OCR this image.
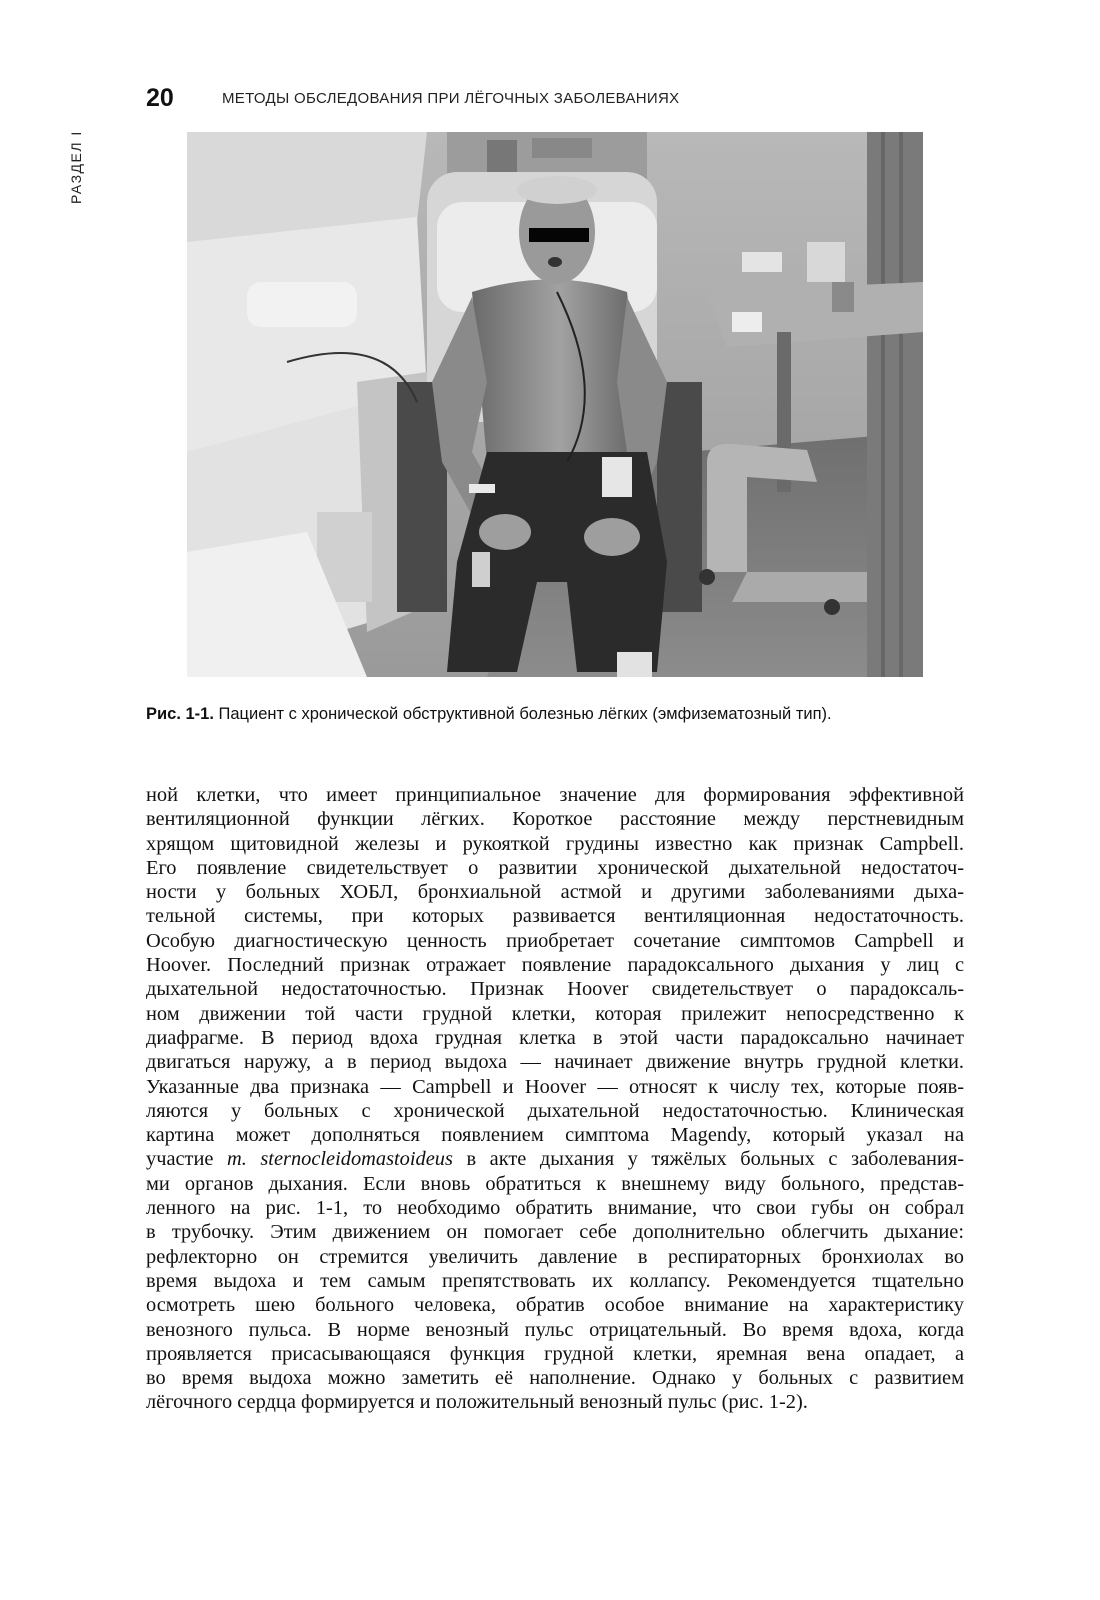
РАЗДЕЛ I
20	МЕТОДЫ ОБСЛЕДОВАНИЯ ПРИ ЛЁГОЧНЫХ ЗАБОЛЕВАНИЯХ
Рис. 1-1. Пациент с хронической обструктивной болезнью лёгких (эмфизематозный тип).
ной клетки, что имеет принципиальное значение для формирования эффективной
вентиляционной функции лёгких. Короткое расстояние между перстневидным
хрящом щитовидной железы и рукояткой грудины известно как признак Campbell.
Его появление свидетельствует о развитии хронической дыхательной недостаточ-
ности у больных ХОБЛ, бронхиальной астмой и другими заболеваниями дыха-
тельной системы, при которых развивается вентиляционная недостаточность.
Особую диагностическую ценность приобретает сочетание симптомов Campbell и
Hoover. Последний признак отражает появление парадоксального дыхания у лиц с
дыхательной недостаточностью. Признак Hoover свидетельствует о парадоксаль-
ном движении той части грудной клетки, которая прилежит непосредственно к
диафрагме. В период вдоха грудная клетка в этой части парадоксально начинает
двигаться наружу, а в период выдоха — начинает движение внутрь грудной клетки.
Указанные два признака — Campbell и Hoover — относят к числу тех, которые появ-
ляются у больных с хронической дыхательной недостаточностью. Клиническая
картина может дополняться появлением симптома Magendy, который указал на
участие m. sternocleidomastoideus в акте дыхания у тяжёлых больных с заболевания-
ми органов дыхания. Если вновь обратиться к внешнему виду больного, представ-
ленного на рис. 1-1, то необходимо обратить внимание, что свои губы он собрал
в трубочку. Этим движением он помогает себе дополнительно облегчить дыхание:
рефлекторно он стремится увеличить давление в респираторных бронхиолах во
время выдоха и тем самым препятствовать их коллапсу. Рекомендуется тщательно
осмотреть шею больного человека, обратив особое внимание на характеристику
венозного пульса. В норме венозный пульс отрицательный. Во время вдоха, когда
проявляется присасывающаяся функция грудной клетки, яремная вена опадает, а
во время выдоха можно заметить её наполнение. Однако у больных с развитием
лёгочного сердца формируется и положительный венозный пульс (рис. 1-2).
